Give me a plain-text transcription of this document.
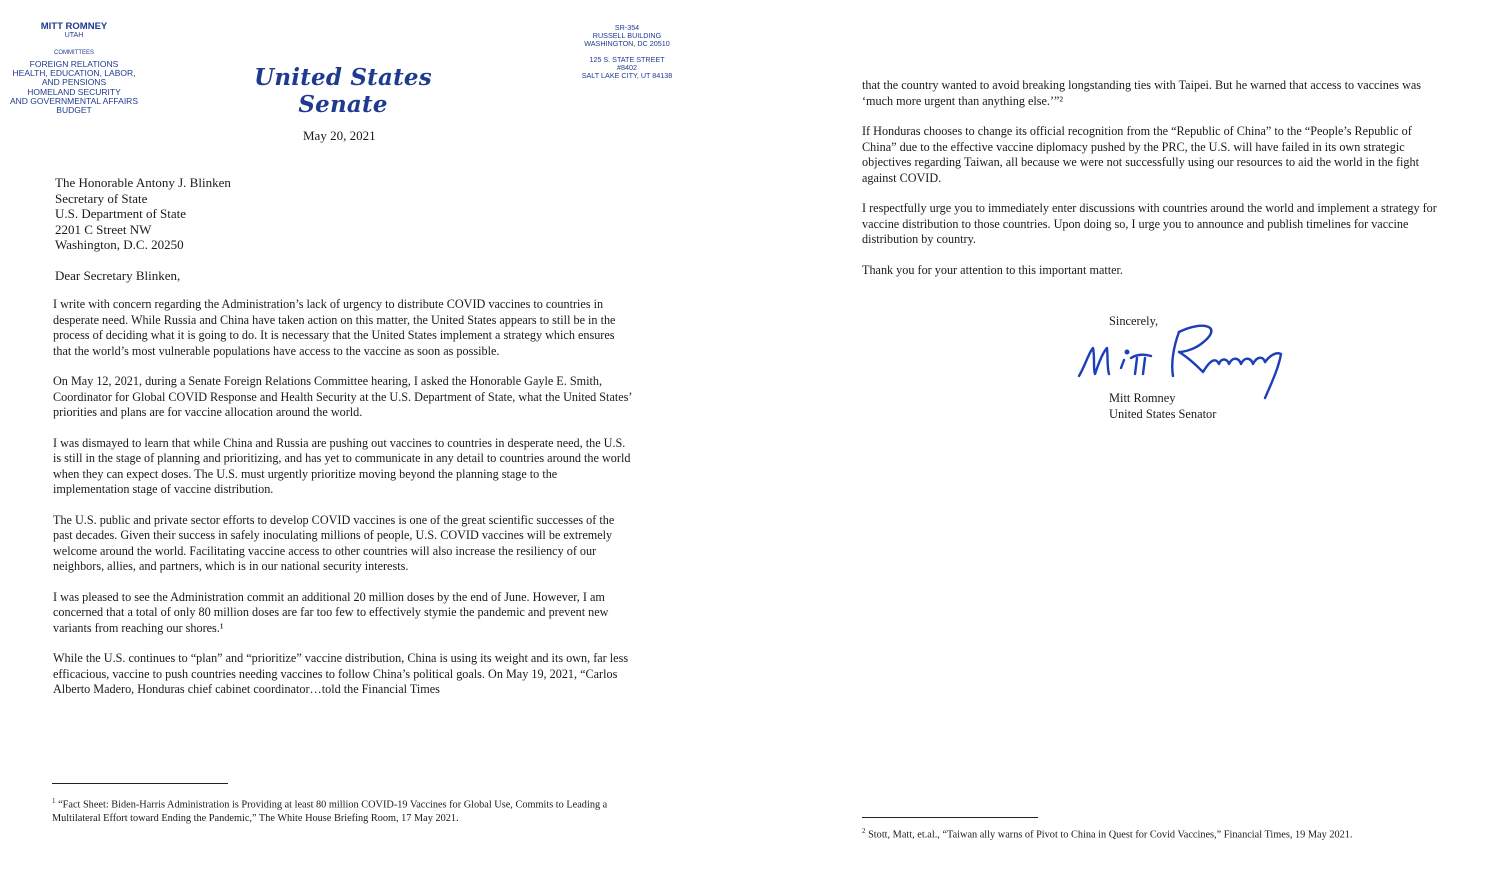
MITT ROMNEY
UTAH
COMMITTEES
FOREIGN RELATIONS
HEALTH, EDUCATION, LABOR,
AND PENSIONS
HOMELAND SECURITY
AND GOVERNMENTAL AFFAIRS
BUDGET
United States Senate
SR-354
RUSSELL BUILDING
WASHINGTON, DC 20510
125 S. STATE STREET
#8402
SALT LAKE CITY, UT 84138
May 20, 2021
The Honorable Antony J. Blinken
Secretary of State
U.S. Department of State
2201 C Street NW
Washington, D.C. 20250
Dear Secretary Blinken,

I write with concern regarding the Administration’s lack of urgency to distribute COVID vaccines to countries in desperate need. While Russia and China have taken action on this matter, the United States appears to still be in the process of deciding what it is going to do. It is necessary that the United States implement a strategy which ensures that the world’s most vulnerable populations have access to the vaccine as soon as possible.

On May 12, 2021, during a Senate Foreign Relations Committee hearing, I asked the Honorable Gayle E. Smith, Coordinator for Global COVID Response and Health Security at the U.S. Department of State, what the United States’ priorities and plans are for vaccine allocation around the world.

I was dismayed to learn that while China and Russia are pushing out vaccines to countries in desperate need, the U.S. is still in the stage of planning and prioritizing, and has yet to communicate in any detail to countries around the world when they can expect doses. The U.S. must urgently prioritize moving beyond the planning stage to the implementation stage of vaccine distribution.

The U.S. public and private sector efforts to develop COVID vaccines is one of the great scientific successes of the past decades. Given their success in safely inoculating millions of people, U.S. COVID vaccines will be extremely welcome around the world. Facilitating vaccine access to other countries will also increase the resiliency of our neighbors, allies, and partners, which is in our national security interests.

I was pleased to see the Administration commit an additional 20 million doses by the end of June. However, I am concerned that a total of only 80 million doses are far too few to effectively stymie the pandemic and prevent new variants from reaching our shores.¹

While the U.S. continues to “plan” and “prioritize” vaccine distribution, China is using its weight and its own, far less efficacious, vaccine to push countries needing vaccines to follow China’s political goals. On May 19, 2021, “Carlos Alberto Madero, Honduras chief cabinet coordinator…told the Financial Times

$^1$ “Fact Sheet: Biden-Harris Administration is Providing at least 80 million COVID-19 Vaccines for Global Use, Commits to Leading a Multilateral Effort toward Ending the Pandemic,” The White House Briefing Room, 17 May 2021.

that the country wanted to avoid breaking longstanding ties with Taipei. But he warned that access to vaccines was ‘much more urgent than anything else.’”²

If Honduras chooses to change its official recognition from the “Republic of China” to the “People’s Republic of China” due to the effective vaccine diplomacy pushed by the PRC, the U.S. will have failed in its own strategic objectives regarding Taiwan, all because we were not successfully using our resources to aid the world in the fight against COVID.

I respectfully urge you to immediately enter discussions with countries around the world and implement a strategy for vaccine distribution to those countries. Upon doing so, I urge you to announce and publish timelines for vaccine distribution by country.

Thank you for your attention to this important matter.

Sincerely,
Mitt Romney
United States Senator
$^2$ Stott, Matt, et.al., “Taiwan ally warns of Pivot to China in Quest for Covid Vaccines,” Financial Times, 19 May 2021.
